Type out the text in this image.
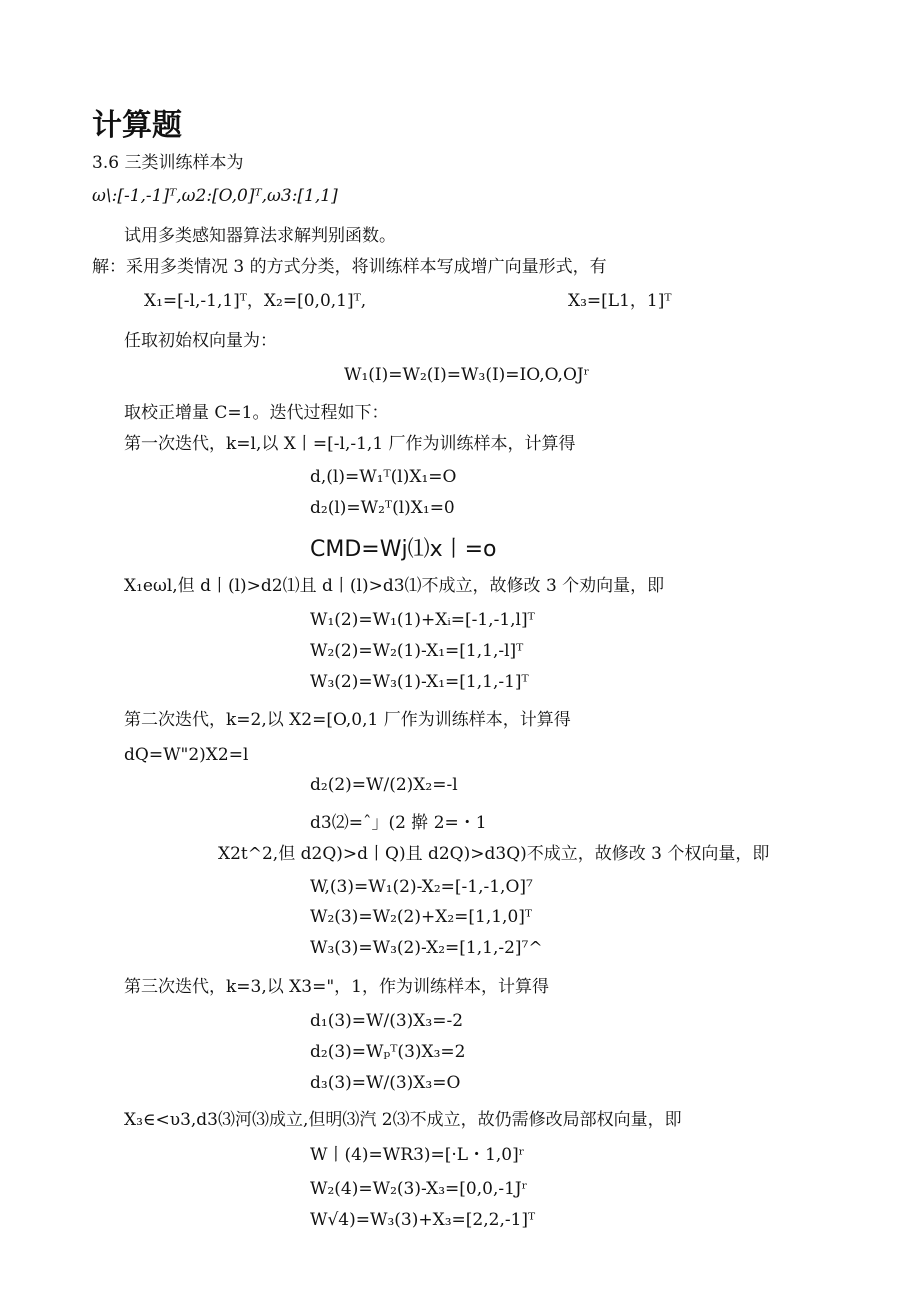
计算题
3.6 三类训练样本为
ω\:[-1,-1]ᵀ,ω2:[O,0]ᵀ,ω3:[1,1]
试用多类感知器算法求解判别函数。
解：采用多类情况 3 的方式分类，将训练样本写成增广向量形式，有
X₁=[-l,-1,1]ᵀ，X₂=[0,0,1]ᵀ,	X₃=[L1，1]ᵀ
任取初始权向量为：
W₁(I)=W₂(I)=W₃(I)=IO,O,OJʳ
取校正增量 C=1。迭代过程如下：
第一次迭代，k=l,以 X丨=[-l,-1,1 厂作为训练样本，计算得
d,(l)=W₁ᵀ(l)X₁=O
d₂(l)=W₂ᵀ(l)X₁=0
CMD=Wj⑴x丨=o
X₁eωl,但 d丨(l)>d2⑴且 d丨(l)>d3⑴不成立，故修改 3 个劝向量，即
W₁(2)=W₁(1)+Xᵢ=[-1,-1,l]ᵀ
W₂(2)=W₂(1)-X₁=[1,1,-l]ᵀ
W₃(2)=W₃(1)-X₁=[1,1,-1]ᵀ
第二次迭代，k=2,以 X2=[O,0,1 厂作为训练样本，计算得
dQ=W"2)X2=l
d₂(2)=W/(2)X₂=-l
d3⑵=ˆ」(2 擀 2=・1
X2t^2,但 d2Q)>d丨Q)且 d2Q)>d3Q)不成立，故修改 3 个权向量，即
W,(3)=W₁(2)-X₂=[-1,-1,O]⁷
W₂(3)=W₂(2)+X₂=[1,1,0]ᵀ
W₃(3)=W₃(2)-X₂=[1,1,-2]⁷^
第三次迭代，k=3,以 X3="，1，作为训练样本，计算得
d₁(3)=W/(3)X₃=-2
d₂(3)=Wₚᵀ(3)X₃=2
d₃(3)=W/(3)X₃=O
X₃∈<υ3,d3⑶河⑶成立,但明⑶汽 2⑶不成立，故仍需修改局部权向量，即
W丨(4)=WR3)=[·L・1,0]ʳ
W₂(4)=W₂(3)-X₃=[0,0,-1Jʳ
W√4)=W₃(3)+X₃=[2,2,-1]ᵀ
